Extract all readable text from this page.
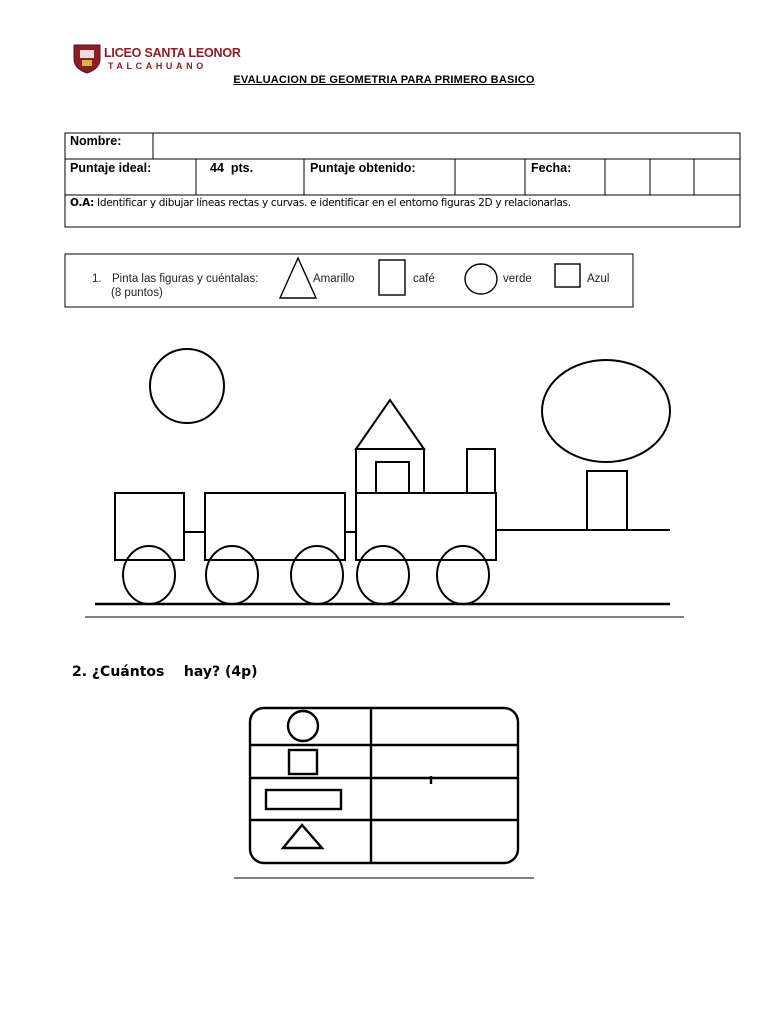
LICEO SANTA LEONOR
TALCAHUANO
EVALUACION DE GEOMETRIA PARA PRIMERO BASICO
Nombre:
Puntaje ideal:	44  pts.	Puntaje obtenido:	Fecha:
O.A: Identificar y dibujar líneas rectas y curvas. e identificar en el entorno figuras 2D y relacionarlas.
1. Pinta las figuras y cuéntalas:
(8 puntos)
Amarillo	café	verde	Azul
2. ¿Cuántos    hay? (4p)
